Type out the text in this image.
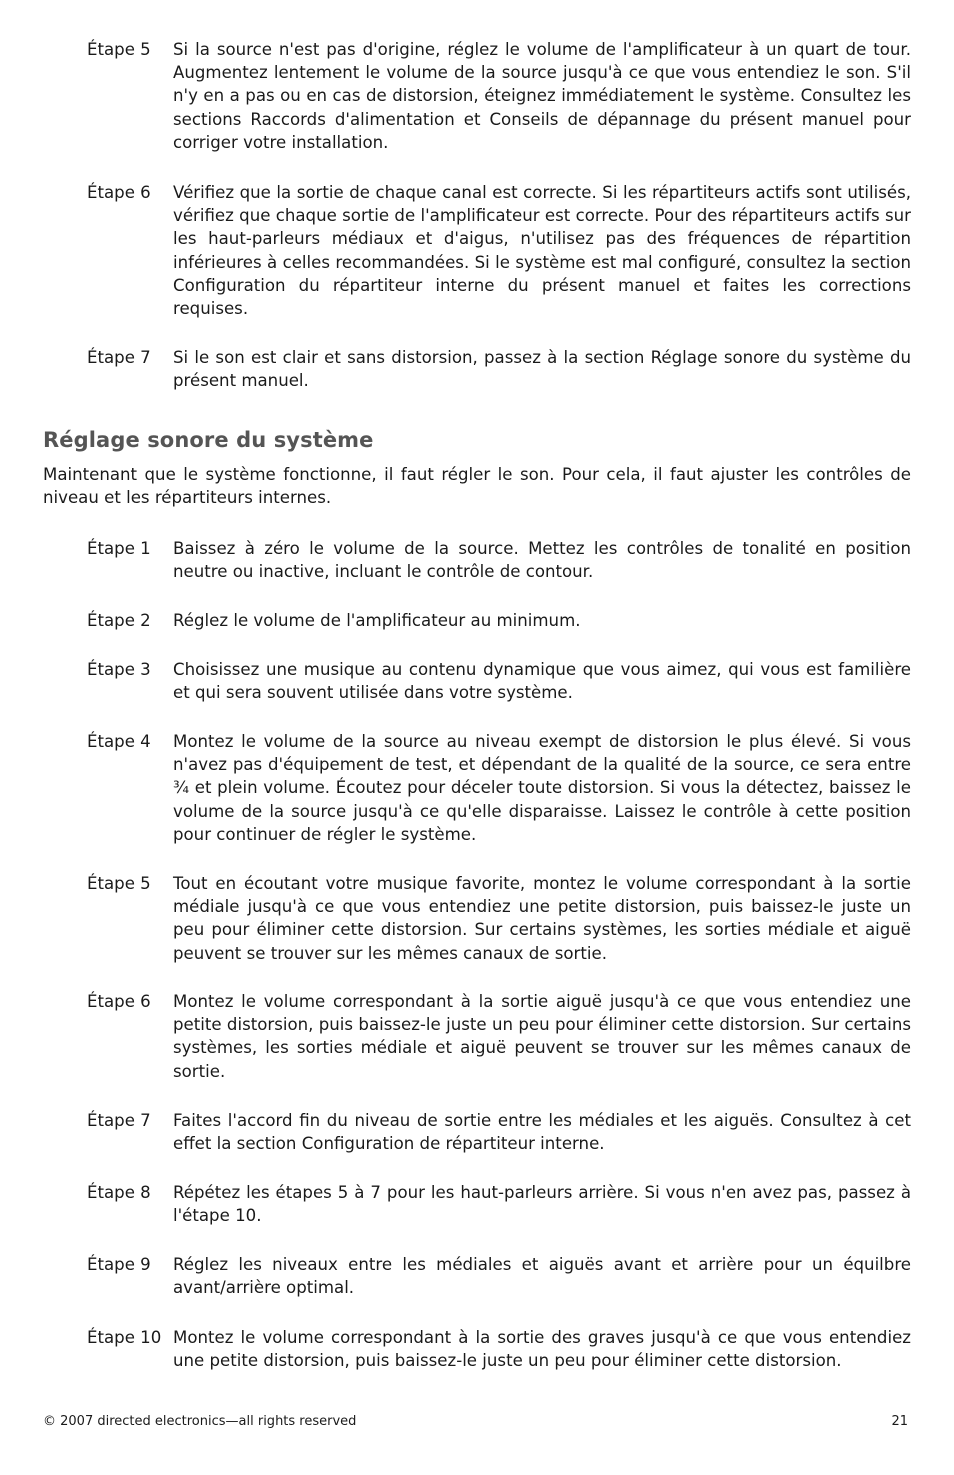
Étape 5 Si la source n'est pas d'origine, réglez le volume de l'amplificateur à un quart de tour. Augmentez lentement le volume de la source jusqu'à ce que vous entendiez le son. S'il n'y en a pas ou en cas de distorsion, éteignez immédiatement le système. Consultez les sections Raccords d'alimentation et Conseils de dépannage du présent manuel pour corriger votre installation.
Étape 6 Vérifiez que la sortie de chaque canal est correcte. Si les répartiteurs actifs sont utilisés, vérifiez que chaque sortie de l'amplificateur est correcte. Pour des répartiteurs actifs sur les haut-parleurs médiaux et d'aigus, n'utilisez pas des fréquences de répartition inférieures à celles recommandées. Si le système est mal configuré, consultez la section Configuration du répartiteur interne du présent manuel et faites les corrections requises.
Étape 7 Si le son est clair et sans distorsion, passez à la section Réglage sonore du système du présent manuel.
Réglage sonore du système
Maintenant que le système fonctionne, il faut régler le son. Pour cela, il faut ajuster les contrôles de niveau et les répartiteurs internes.
Étape 1 Baissez à zéro le volume de la source. Mettez les contrôles de tonalité en position neutre ou inactive, incluant le contrôle de contour.
Étape 2 Réglez le volume de l'amplificateur au minimum.
Étape 3 Choisissez une musique au contenu dynamique que vous aimez, qui vous est familière et qui sera souvent utilisée dans votre système.
Étape 4 Montez le volume de la source au niveau exempt de distorsion le plus élevé. Si vous n'avez pas d'équipement de test, et dépendant de la qualité de la source, ce sera entre ¾ et plein volume. Écoutez pour déceler toute distorsion. Si vous la détectez, baissez le volume de la source jusqu'à ce qu'elle disparaisse. Laissez le contrôle à cette position pour continuer de régler le système.
Étape 5 Tout en écoutant votre musique favorite, montez le volume correspondant à la sortie médiale jusqu'à ce que vous entendiez une petite distorsion, puis baissez-le juste un peu pour éliminer cette distorsion. Sur certains systèmes, les sorties médiale et aiguë peuvent se trouver sur les mêmes canaux de sortie.
Étape 6 Montez le volume correspondant à la sortie aiguë jusqu'à ce que vous entendiez une petite distorsion, puis baissez-le juste un peu pour éliminer cette distorsion. Sur certains systèmes, les sorties médiale et aiguë peuvent se trouver sur les mêmes canaux de sortie.
Étape 7 Faites l'accord fin du niveau de sortie entre les médiales et les aiguës. Consultez à cet effet la section Configuration de répartiteur interne.
Étape 8 Répétez les étapes 5 à 7 pour les haut-parleurs arrière. Si vous n'en avez pas, passez à l'étape 10.
Étape 9 Réglez les niveaux entre les médiales et aiguës avant et arrière pour un équilbre avant/arrière optimal.
Étape 10 Montez le volume correspondant à la sortie des graves jusqu'à ce que vous entendiez une petite distorsion, puis baissez-le juste un peu pour éliminer cette distorsion.
© 2007 directed electronics—all rights reserved	21
